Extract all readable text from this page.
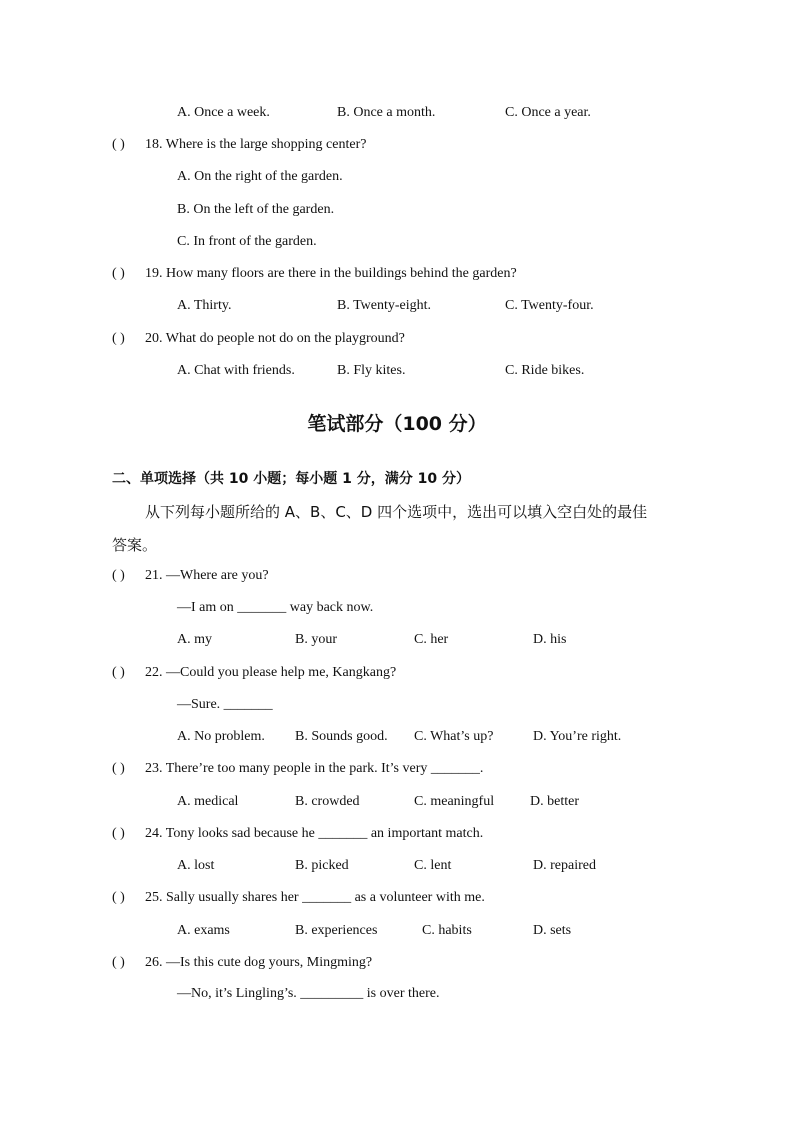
A. Once a week.	B. Once a month.	C. Once a year.
( ) 18. Where is the large shopping center?
A. On the right of the garden.
B. On the left of the garden.
C. In front of the garden.
( ) 19. How many floors are there in the buildings behind the garden?
A. Thirty.	B. Twenty-eight.	C. Twenty-four.
( ) 20. What do people not do on the playground?
A. Chat with friends.	B. Fly kites.	C. Ride bikes.
笔试部分（100 分）
二、单项选择（共 10 小题；每小题 1 分，满分 10 分）
从下列每小题所给的 A、B、C、D 四个选项中，选出可以填入空白处的最佳
答案。
( ) 21. —Where are you?
—I am on _______ way back now.
A. my	B. your	C. her	D. his
( ) 22. —Could you please help me, Kangkang?
—Sure. _______
A. No problem. B. Sounds good. C. What’s up?	D. You’re right.
( ) 23. There’re too many people in the park. It’s very _______.
A. medical	B. crowded	C. meaningful	D. better
( ) 24. Tony looks sad because he _______ an important match.
A. lost	B. picked	C. lent	D. repaired
( ) 25. Sally usually shares her _______ as a volunteer with me.
A. exams	B. experiences	C. habits	D. sets
( ) 26. —Is this cute dog yours, Mingming?
—No, it’s Lingling’s. _________ is over there.
